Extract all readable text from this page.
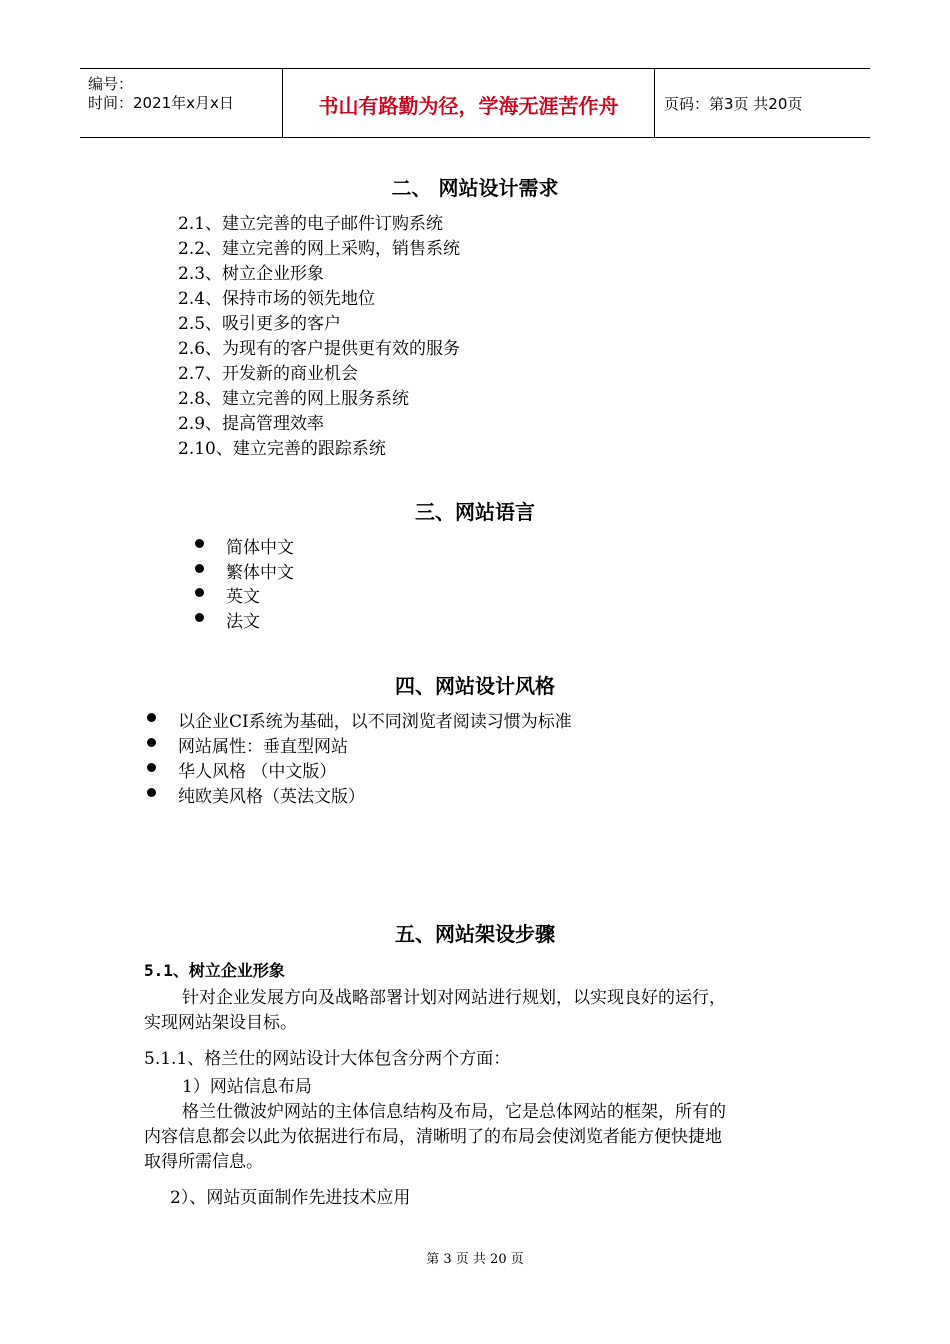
编号：
时间：2021年x月x日	书山有路勤为径，学海无涯苦作舟	页码：第3页 共20页
二、 网站设计需求
2.1、建立完善的电子邮件订购系统
2.2、建立完善的网上采购，销售系统
2.3、树立企业形象
2.4、保持市场的领先地位
2.5、吸引更多的客户
2.6、为现有的客户提供更有效的服务
2.7、开发新的商业机会
2.8、建立完善的网上服务系统
2.9、提高管理效率
2.10、建立完善的跟踪系统
三、网站语言
简体中文
繁体中文
英文
法文
四、网站设计风格
以企业CI系统为基础，以不同浏览者阅读习惯为标准
网站属性：垂直型网站
华人风格 （中文版）
纯欧美风格（英法文版）
五、网站架设步骤
5.1、树立企业形象
针对企业发展方向及战略部署计划对网站进行规划，以实现良好的运行，
实现网站架设目标。
5.1.1、格兰仕的网站设计大体包含分两个方面：
1）网站信息布局
格兰仕微波炉网站的主体信息结构及布局，它是总体网站的框架，所有的
内容信息都会以此为依据进行布局，清晰明了的布局会使浏览者能方便快捷地
取得所需信息。
2）、网站页面制作先进技术应用
第 3 页 共 20 页
